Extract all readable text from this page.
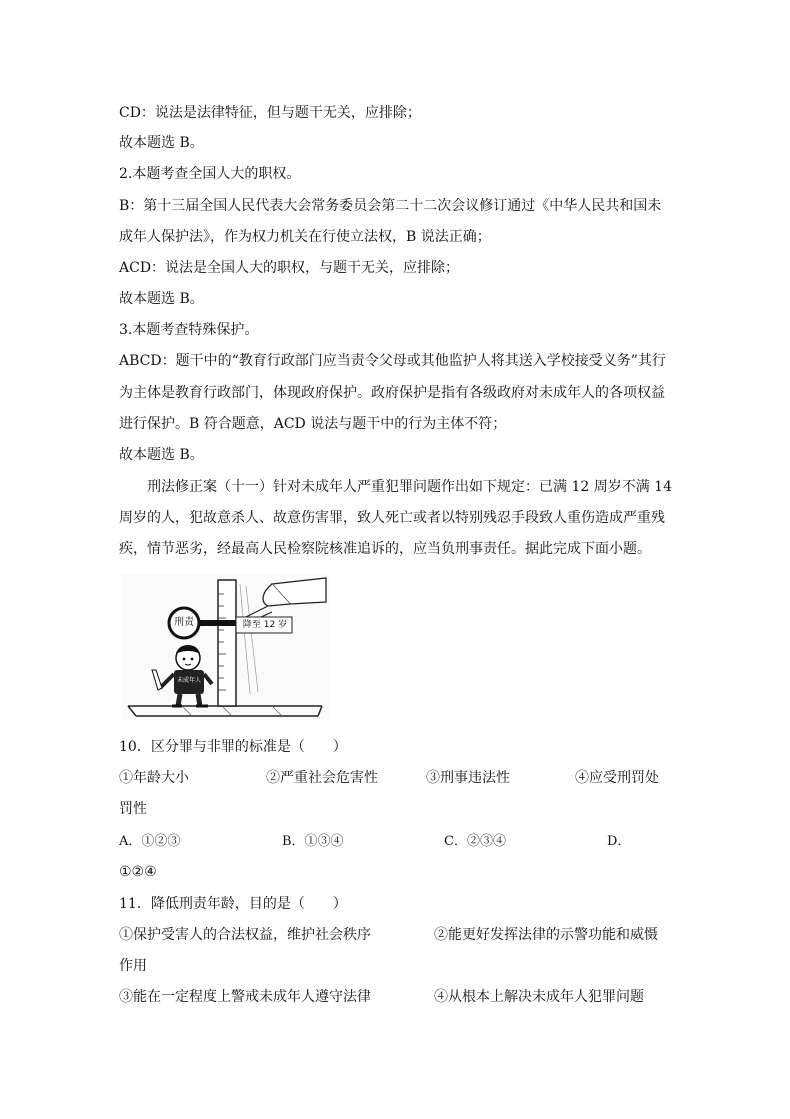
CD：说法是法律特征，但与题干无关，应排除；
故本题选 B。
2.本题考查全国人大的职权。
B：第十三届全国人民代表大会常务委员会第二十二次会议修订通过《中华人民共和国未
成年人保护法》，作为权力机关在行使立法权，B 说法正确；
ACD：说法是全国人大的职权，与题干无关，应排除；
故本题选 B。
3.本题考查特殊保护。
ABCD：题干中的“教育行政部门应当责令父母或其他监护人将其送入学校接受义务”其行
为主体是教育行政部门，体现政府保护。政府保护是指有各级政府对未成年人的各项权益
进行保护。B 符合题意，ACD 说法与题干中的行为主体不符；
故本题选 B。
刑法修正案（十一）针对未成年人严重犯罪问题作出如下规定：已满 12 周岁不满 14
周岁的人，犯故意杀人、故意伤害罪，致人死亡或者以特别残忍手段致人重伤造成严重残
疾，情节恶劣，经最高人民检察院核准追诉的，应当负刑事责任。据此完成下面小题。
刑责	降至 12 岁
未成年人
10．区分罪与非罪的标准是（　　）
①年龄大小	②严重社会危害性	③刑事违法性	④应受刑罚处
罚性
A．①②③	B．①③④	C．②③④	D．
①②④
11．降低刑责年龄，目的是（　　）
①保护受害人的合法权益，维护社会秩序	②能更好发挥法律的示警功能和威慑
作用
③能在一定程度上警戒未成年人遵守法律	④从根本上解决未成年人犯罪问题
